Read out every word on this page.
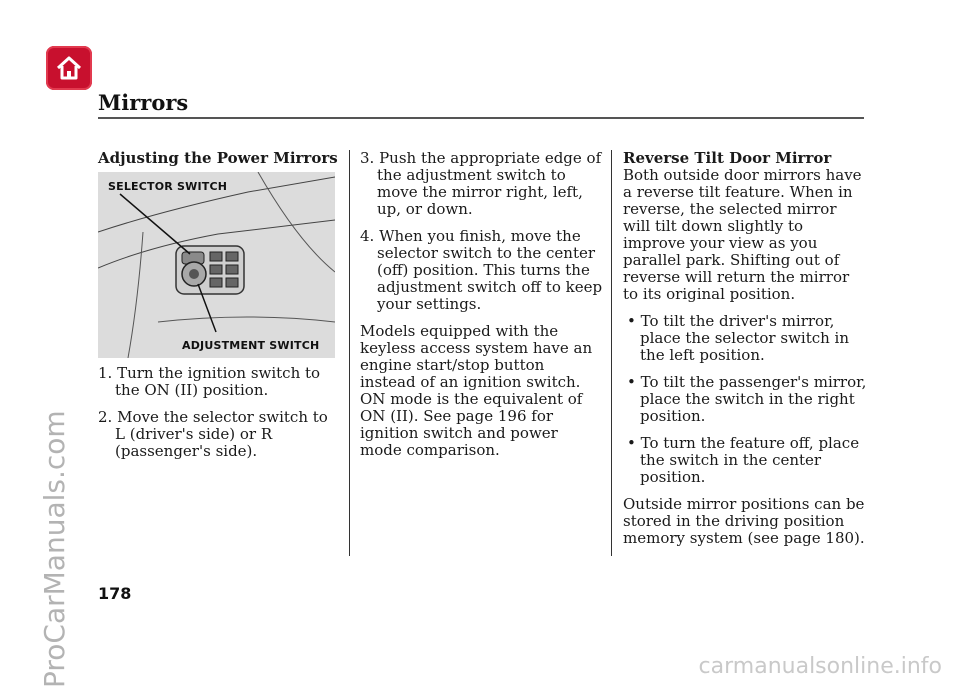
Mirrors

Adjusting the Power Mirrors

SELECTOR SWITCH
ADJUSTMENT SWITCH

1. Turn the ignition switch to the ON (II) position.

2. Move the selector switch to L (driver's side) or R (passenger's side).

3. Push the appropriate edge of the adjustment switch to move the mirror right, left, up, or down.

4. When you finish, move the selector switch to the center (off) position. This turns the adjustment switch off to keep your settings.

Models equipped with the keyless access system have an engine start/stop button instead of an ignition switch. ON mode is the equivalent of ON (II). See page 196 for ignition switch and power mode comparison.

Reverse Tilt Door Mirror

Both outside door mirrors have a reverse tilt feature. When in reverse, the selected mirror will tilt down slightly to improve your view as you parallel park. Shifting out of reverse will return the mirror to its original position.

• To tilt the driver's mirror, place the selector switch in the left position.

• To tilt the passenger's mirror, place the switch in the right position.

• To turn the feature off, place the switch in the center position.

Outside mirror positions can be stored in the driving position memory system (see page 180).

178
ProCarManuals.com	carmanualsonline.info
